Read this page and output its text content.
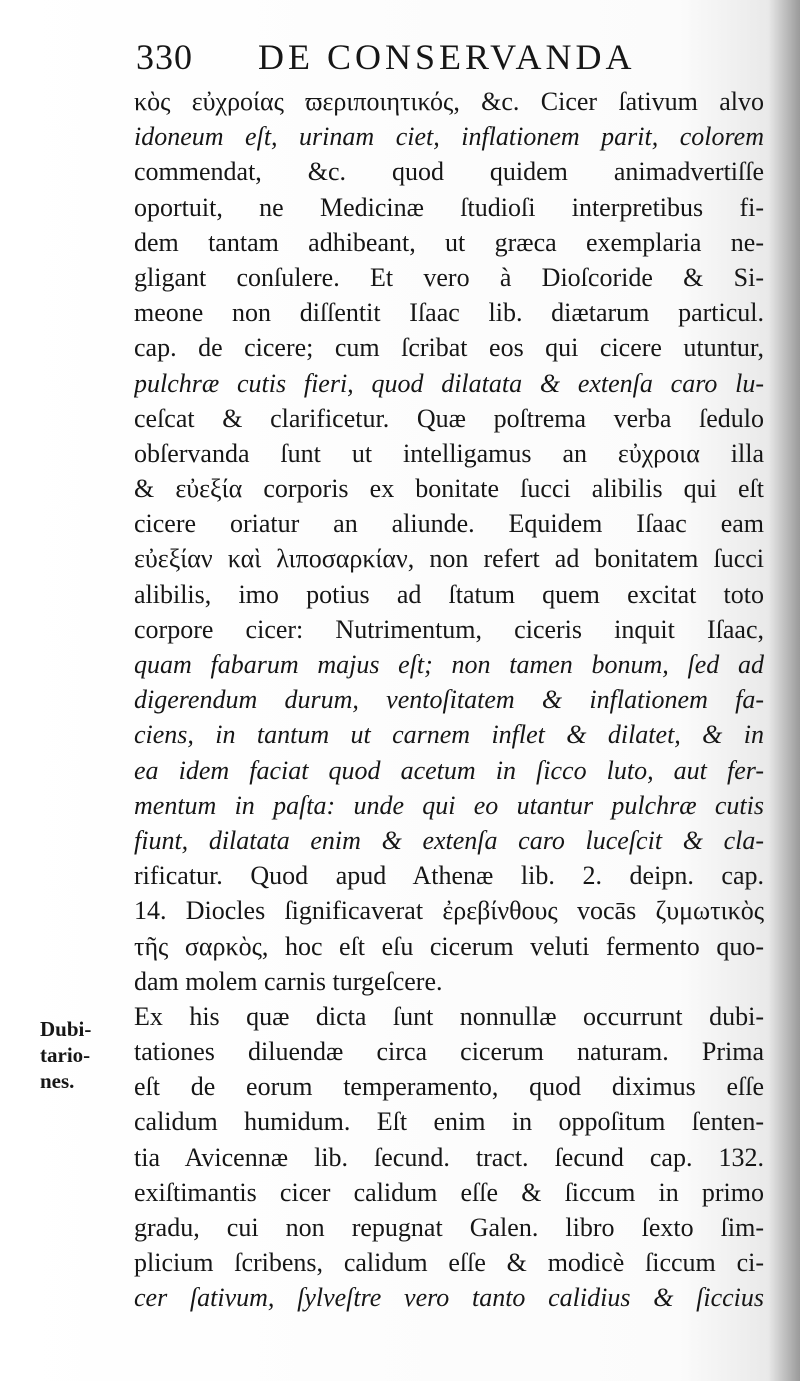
330 DE CONSERVANDA
Dubi-
tario-
nes.
κὸς εὐχροίας ϖεριποιητικός, &c. Cicer ſativum alvo
idoneum eſt, urinam ciet, inflationem parit, colorem
commendat, &c. quod quidem animadvertiſſe
oportuit, ne Medicinæ ſtudioſi interpretibus fi-
dem tantam adhibeant, ut græca exemplaria ne-
gligant conſulere. Et vero à Dioſcoride & Si-
meone non diſſentit Iſaac lib. diætarum particul.
cap. de cicere; cum ſcribat eos qui cicere utuntur,
pulchræ cutis fieri, quod dilatata & extenſa caro lu-
ceſcat & clarificetur. Quæ poſtrema verba ſedulo
obſervanda ſunt ut intelligamus an εὐχροια illa
& εὐεξία corporis ex bonitate ſucci alibilis qui eſt
cicere oriatur an aliunde. Equidem Iſaac eam
εὐεξίαν καὶ λιποσαρκίαν, non refert ad bonitatem ſucci
alibilis, imo potius ad ſtatum quem excitat toto
corpore cicer: Nutrimentum, ciceris inquit Iſaac,
quam fabarum majus eſt; non tamen bonum, ſed ad
digerendum durum, ventoſitatem & inflationem fa-
ciens, in tantum ut carnem inflet & dilatet, & in
ea idem faciat quod acetum in ſicco luto, aut fer-
mentum in paſta: unde qui eo utantur pulchræ cutis
fiunt, dilatata enim & extenſa caro luceſcit & cla-
rificatur. Quod apud Athenæ lib. 2. deipn. cap.
14. Diocles ſignificaverat ἐρεβίνθους vocās ζυμωτικὸς
τῆς σαρκὸς, hoc eſt eſu cicerum veluti fermento quo-
dam molem carnis turgeſcere.
Ex his quæ dicta ſunt nonnullæ occurrunt dubi-
tationes diluendæ circa cicerum naturam. Prima
eſt de eorum temperamento, quod diximus eſſe
calidum humidum. Eſt enim in oppoſitum ſenten-
tia Avicennæ lib. ſecund. tract. ſecund cap. 132.
exiſtimantis cicer calidum eſſe & ſiccum in primo
gradu, cui non repugnat Galen. libro ſexto ſim-
plicium ſcribens, calidum eſſe & modicè ſiccum ci-
cer ſativum, ſylveſtre vero tanto calidius & ſiccius
